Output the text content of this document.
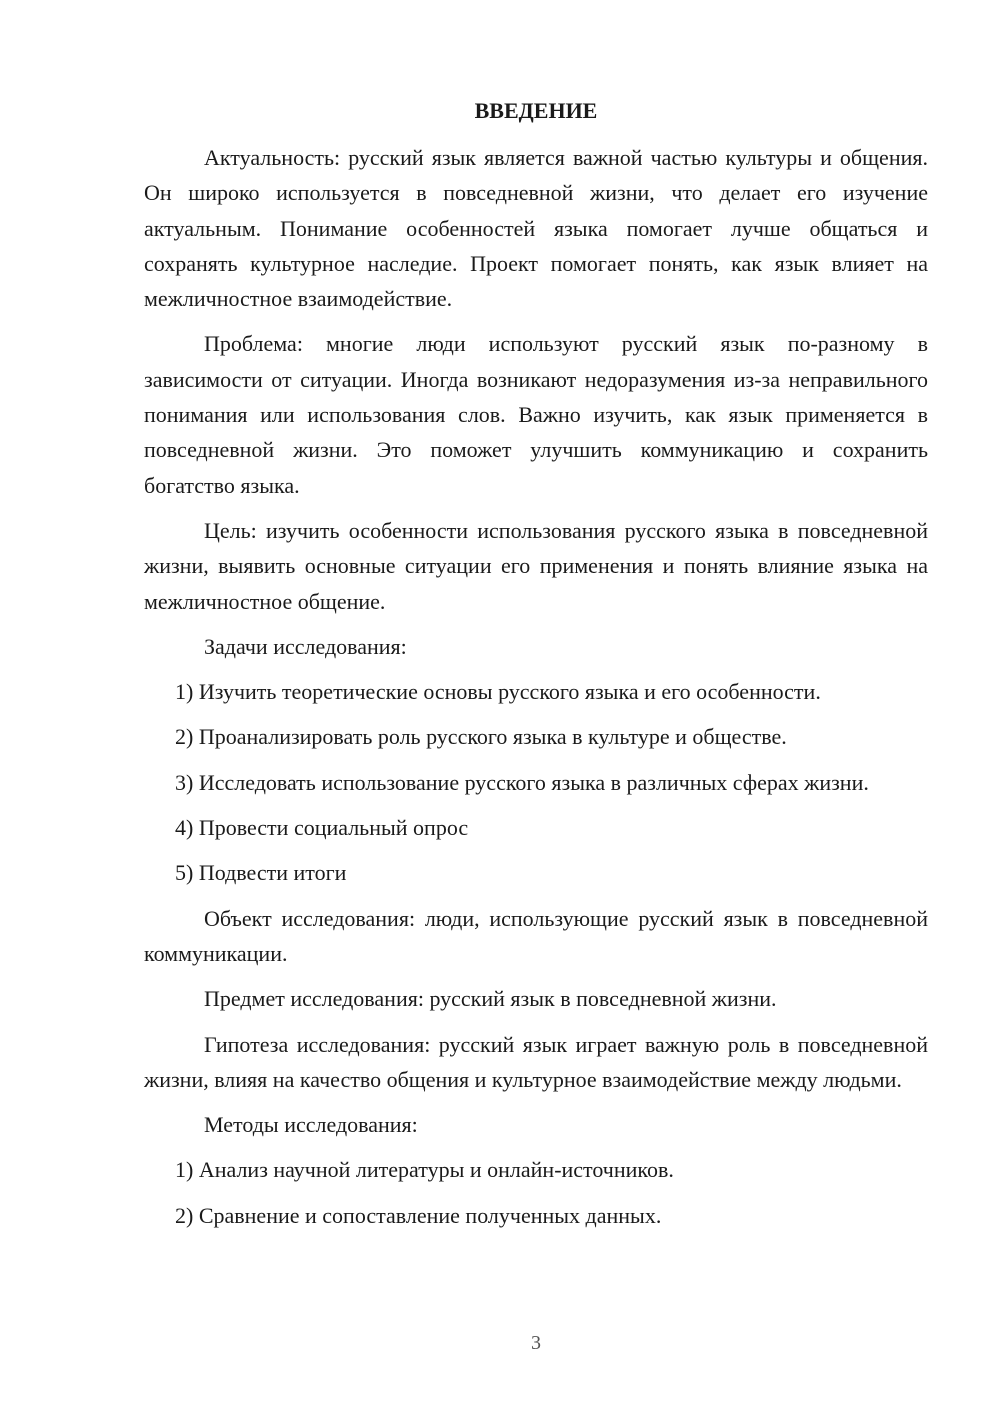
ВВЕДЕНИЕ

Актуальность: русский язык является важной частью культуры и общения. Он широко используется в повседневной жизни, что делает его изучение актуальным. Понимание особенностей языка помогает лучше общаться и сохранять культурное наследие. Проект помогает понять, как язык влияет на межличностное взаимодействие.

Проблема: многие люди используют русский язык по-разному в зависимости от ситуации. Иногда возникают недоразумения из-за неправильного понимания или использования слов. Важно изучить, как язык применяется в повседневной жизни. Это поможет улучшить коммуникацию и сохранить богатство языка.

Цель: изучить особенности использования русского языка в повседневной жизни, выявить основные ситуации его применения и понять влияние языка на межличностное общение.

Задачи исследования:

1) Изучить теоретические основы русского языка и его особенности.

2) Проанализировать роль русского языка в культуре и обществе.

3) Исследовать использование русского языка в различных сферах жизни.

4) Провести социальный опрос

5) Подвести итоги

Объект исследования: люди, использующие русский язык в повседневной коммуникации.

Предмет исследования: русский язык в повседневной жизни.

Гипотеза исследования: русский язык играет важную роль в повседневной жизни, влияя на качество общения и культурное взаимодействие между людьми.

Методы исследования:

1) Анализ научной литературы и онлайн-источников.

2) Сравнение и сопоставление полученных данных.

3
